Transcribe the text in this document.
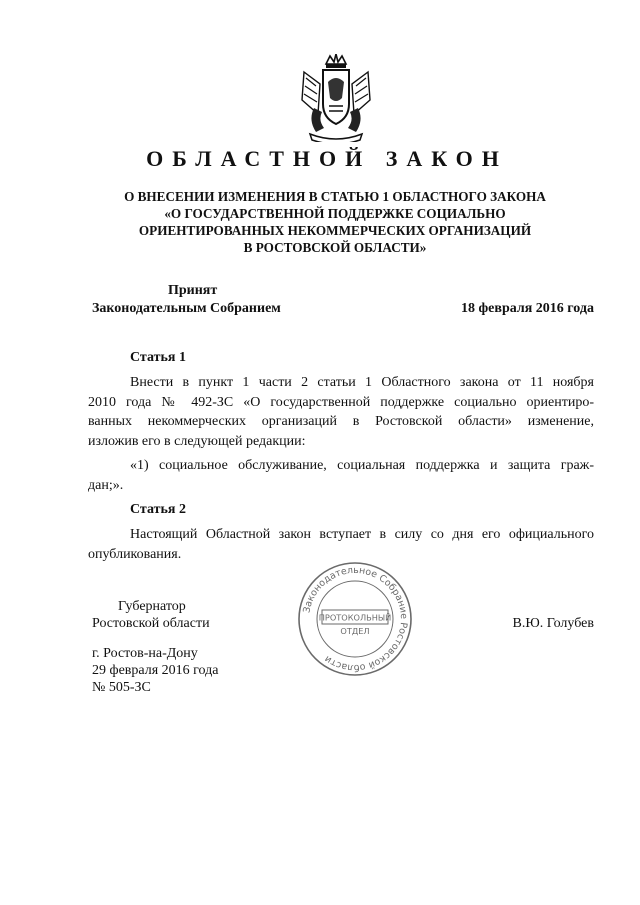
ОБЛАСТНОЙ ЗАКОН
О ВНЕСЕНИИ ИЗМЕНЕНИЯ В СТАТЬЮ 1 ОБЛАСТНОГО ЗАКОНА
«О ГОСУДАРСТВЕННОЙ ПОДДЕРЖКЕ СОЦИАЛЬНО
ОРИЕНТИРОВАННЫХ НЕКОММЕРЧЕСКИХ ОРГАНИЗАЦИЙ
В РОСТОВСКОЙ ОБЛАСТИ»
Принят
Законодательным Собранием	18 февраля 2016 года
Статья 1
Внести в пункт 1 части 2 статьи 1 Областного закона от 11 ноября
2010 года № 492-ЗС «О государственной поддержке социально ориентиро-
ванных некоммерческих организаций в Ростовской области» изменение,
изложив его в следующей редакции:
«1) социальное обслуживание, социальная поддержка и защита граж-
дан;».
Статья 2
Настоящий Областной закон вступает в силу со дня его официального
опубликования.
Губернатор
Ростовской области	В.Ю. Голубев
г. Ростов-на-Дону
29 февраля 2016 года
№ 505-ЗС
Законодательное Собрание Ростовской области
ПРОТОКОЛЬНЫЙ
ОТДЕЛ
